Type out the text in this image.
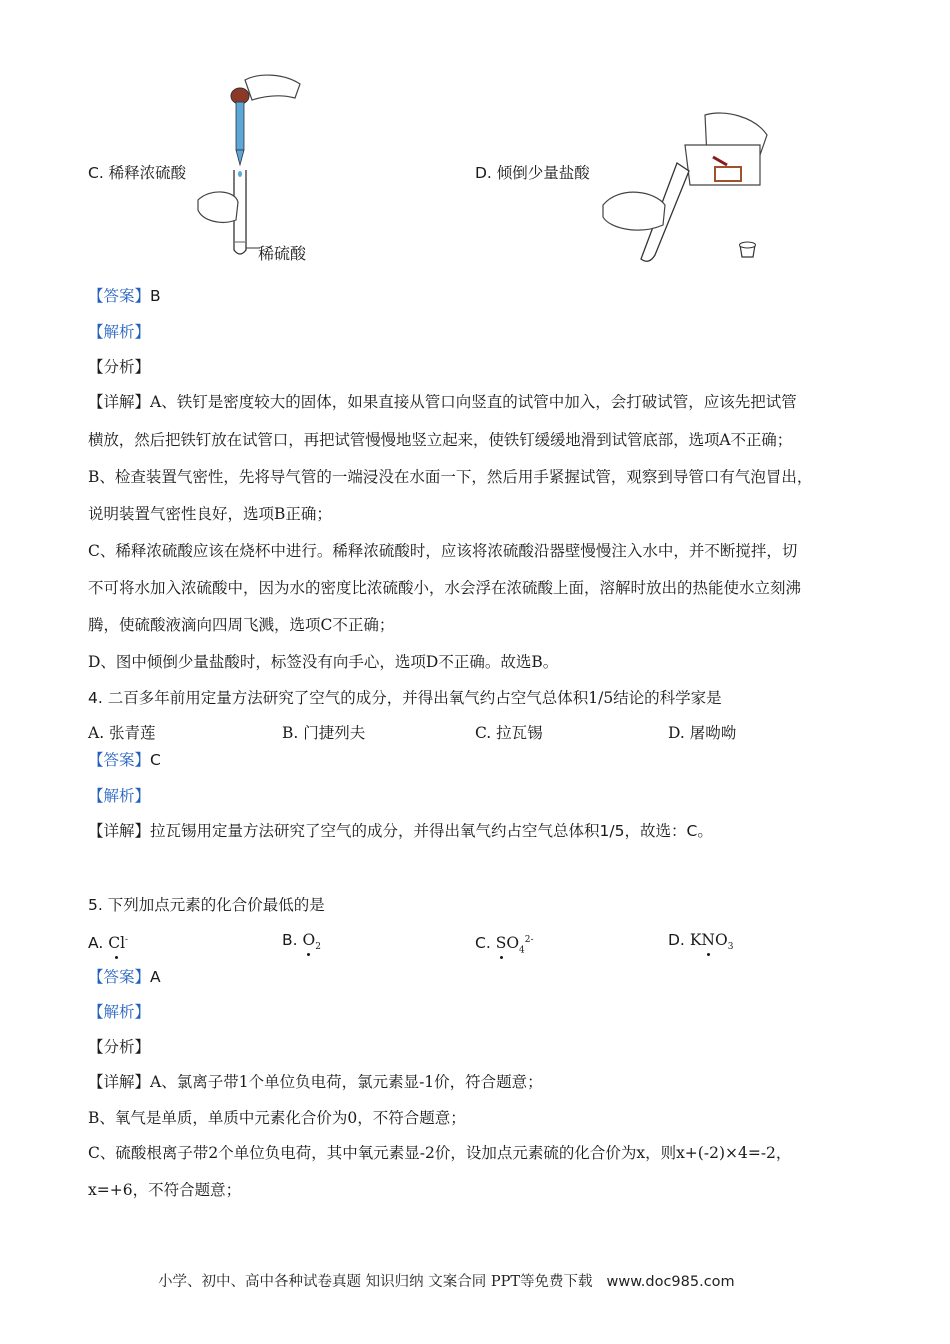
C. 稀释浓硫酸	D. 倾倒少量盐酸
稀硫酸
【答案】B
【解析】
【分析】
【详解】A、铁钉是密度较大的固体，如果直接从管口向竖直的试管中加入，会打破试管，应该先把试管
横放，然后把铁钉放在试管口，再把试管慢慢地竖立起来，使铁钉缓缓地滑到试管底部，选项A不正确；
B、检查装置气密性，先将导气管的一端浸没在水面一下，然后用手紧握试管，观察到导管口有气泡冒出，
说明装置气密性良好，选项B正确；
C、稀释浓硫酸应该在烧杯中进行。稀释浓硫酸时，应该将浓硫酸沿器壁慢慢注入水中，并不断搅拌，切
不可将水加入浓硫酸中，因为水的密度比浓硫酸小，水会浮在浓硫酸上面，溶解时放出的热能使水立刻沸
腾，使硫酸液滴向四周飞溅，选项C不正确；
D、图中倾倒少量盐酸时，标签没有向手心，选项D不正确。故选B。
4. 二百多年前用定量方法研究了空气的成分，并得出氧气约占空气总体积1/5结论的科学家是
A. 张青莲	B. 门捷列夫	C. 拉瓦锡	D. 屠呦呦
【答案】C
【解析】
【详解】拉瓦锡用定量方法研究了空气的成分，并得出氧气约占空气总体积1/5，故选：C。
5. 下列加点元素的化合价最低的是
A. Cl-	B. $O_2$	C. $SO_4^{2-}$	D. $KNO_3$
【答案】A
【解析】
【分析】
【详解】A、氯离子带1个单位负电荷，氯元素显-1价，符合题意；
B、氧气是单质，单质中元素化合价为0，不符合题意；
C、硫酸根离子带2个单位负电荷，其中氧元素显-2价，设加点元素硫的化合价为x，则x+(-2)×4=-2，
x=+6，不符合题意；
小学、初中、高中各种试卷真题 知识归纳 文案合同 PPT等免费下载 www.doc985.com
